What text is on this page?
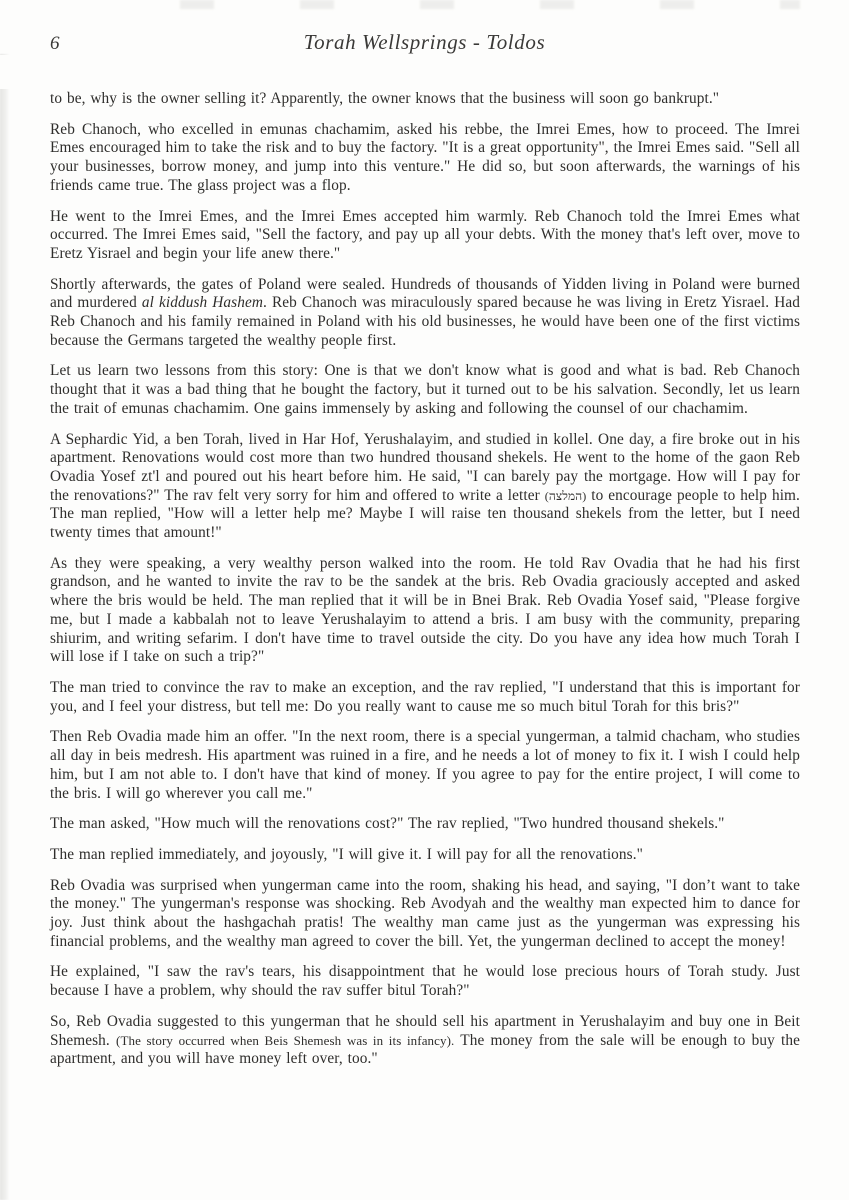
6	Torah Wellsprings - Toldos

to be, why is the owner selling it? Apparently, the owner knows that the business will soon go bankrupt."

Reb Chanoch, who excelled in emunas chachamim, asked his rebbe, the Imrei Emes, how to proceed. The Imrei Emes encouraged him to take the risk and to buy the factory. "It is a great opportunity", the Imrei Emes said. "Sell all your businesses, borrow money, and jump into this venture." He did so, but soon afterwards, the warnings of his friends came true. The glass project was a flop.

He went to the Imrei Emes, and the Imrei Emes accepted him warmly. Reb Chanoch told the Imrei Emes what occurred. The Imrei Emes said, "Sell the factory, and pay up all your debts. With the money that's left over, move to Eretz Yisrael and begin your life anew there."

Shortly afterwards, the gates of Poland were sealed. Hundreds of thousands of Yidden living in Poland were burned and murdered al kiddush Hashem. Reb Chanoch was miraculously spared because he was living in Eretz Yisrael. Had Reb Chanoch and his family remained in Poland with his old businesses, he would have been one of the first victims because the Germans targeted the wealthy people first.

Let us learn two lessons from this story: One is that we don't know what is good and what is bad. Reb Chanoch thought that it was a bad thing that he bought the factory, but it turned out to be his salvation. Secondly, let us learn the trait of emunas chachamim. One gains immensely by asking and following the counsel of our chachamim.

A Sephardic Yid, a ben Torah, lived in Har Hof, Yerushalayim, and studied in kollel. One day, a fire broke out in his apartment. Renovations would cost more than two hundred thousand shekels. He went to the home of the gaon Reb Ovadia Yosef zt'l and poured out his heart before him. He said, "I can barely pay the mortgage. How will I pay for the renovations?" The rav felt very sorry for him and offered to write a letter (המלצה) to encourage people to help him. The man replied, "How will a letter help me? Maybe I will raise ten thousand shekels from the letter, but I need twenty times that amount!"

As they were speaking, a very wealthy person walked into the room. He told Rav Ovadia that he had his first grandson, and he wanted to invite the rav to be the sandek at the bris. Reb Ovadia graciously accepted and asked where the bris would be held. The man replied that it will be in Bnei Brak. Reb Ovadia Yosef said, "Please forgive me, but I made a kabbalah not to leave Yerushalayim to attend a bris. I am busy with the community, preparing shiurim, and writing sefarim. I don't have time to travel outside the city. Do you have any idea how much Torah I will lose if I take on such a trip?"

The man tried to convince the rav to make an exception, and the rav replied, "I understand that this is important for you, and I feel your distress, but tell me: Do you really want to cause me so much bitul Torah for this bris?"

Then Reb Ovadia made him an offer. "In the next room, there is a special yungerman, a talmid chacham, who studies all day in beis medresh. His apartment was ruined in a fire, and he needs a lot of money to fix it. I wish I could help him, but I am not able to. I don't have that kind of money. If you agree to pay for the entire project, I will come to the bris. I will go wherever you call me."

The man asked, "How much will the renovations cost?" The rav replied, "Two hundred thousand shekels."

The man replied immediately, and joyously, "I will give it. I will pay for all the renovations."

Reb Ovadia was surprised when yungerman came into the room, shaking his head, and saying, "I don’t want to take the money." The yungerman's response was shocking. Reb Avodyah and the wealthy man expected him to dance for joy. Just think about the hashgachah pratis! The wealthy man came just as the yungerman was expressing his financial problems, and the wealthy man agreed to cover the bill. Yet, the yungerman declined to accept the money!

He explained, "I saw the rav's tears, his disappointment that he would lose precious hours of Torah study. Just because I have a problem, why should the rav suffer bitul Torah?"

So, Reb Ovadia suggested to this yungerman that he should sell his apartment in Yerushalayim and buy one in Beit Shemesh. (The story occurred when Beis Shemesh was in its infancy). The money from the sale will be enough to buy the apartment, and you will have money left over, too."
